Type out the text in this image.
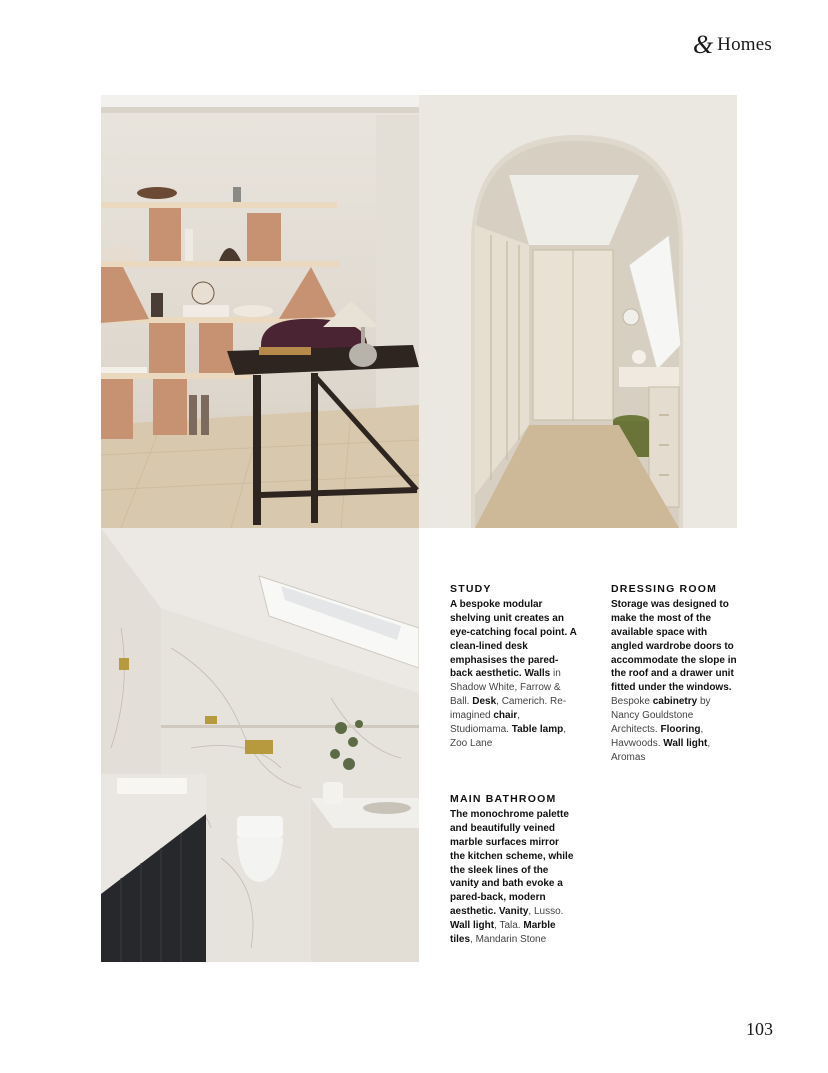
& Homes
STUDY
A bespoke modular shelving unit creates an eye-catching focal point. A clean-lined desk emphasises the pared-back aesthetic. Walls in Shadow White, Farrow & Ball. Desk, Camerich. Re-imagined chair, Studiomama. Table lamp, Zoo Lane
DRESSING ROOM
Storage was designed to make the most of the available space with angled wardrobe doors to accommodate the slope in the roof and a drawer unit fitted under the windows. Bespoke cabinetry by Nancy Gouldstone Architects. Flooring, Havwoods. Wall light, Aromas
MAIN BATHROOM
The monochrome palette and beautifully veined marble surfaces mirror the kitchen scheme, while the sleek lines of the vanity and bath evoke a pared-back, modern aesthetic. Vanity, Lusso. Wall light, Tala. Marble tiles, Mandarin Stone
103
